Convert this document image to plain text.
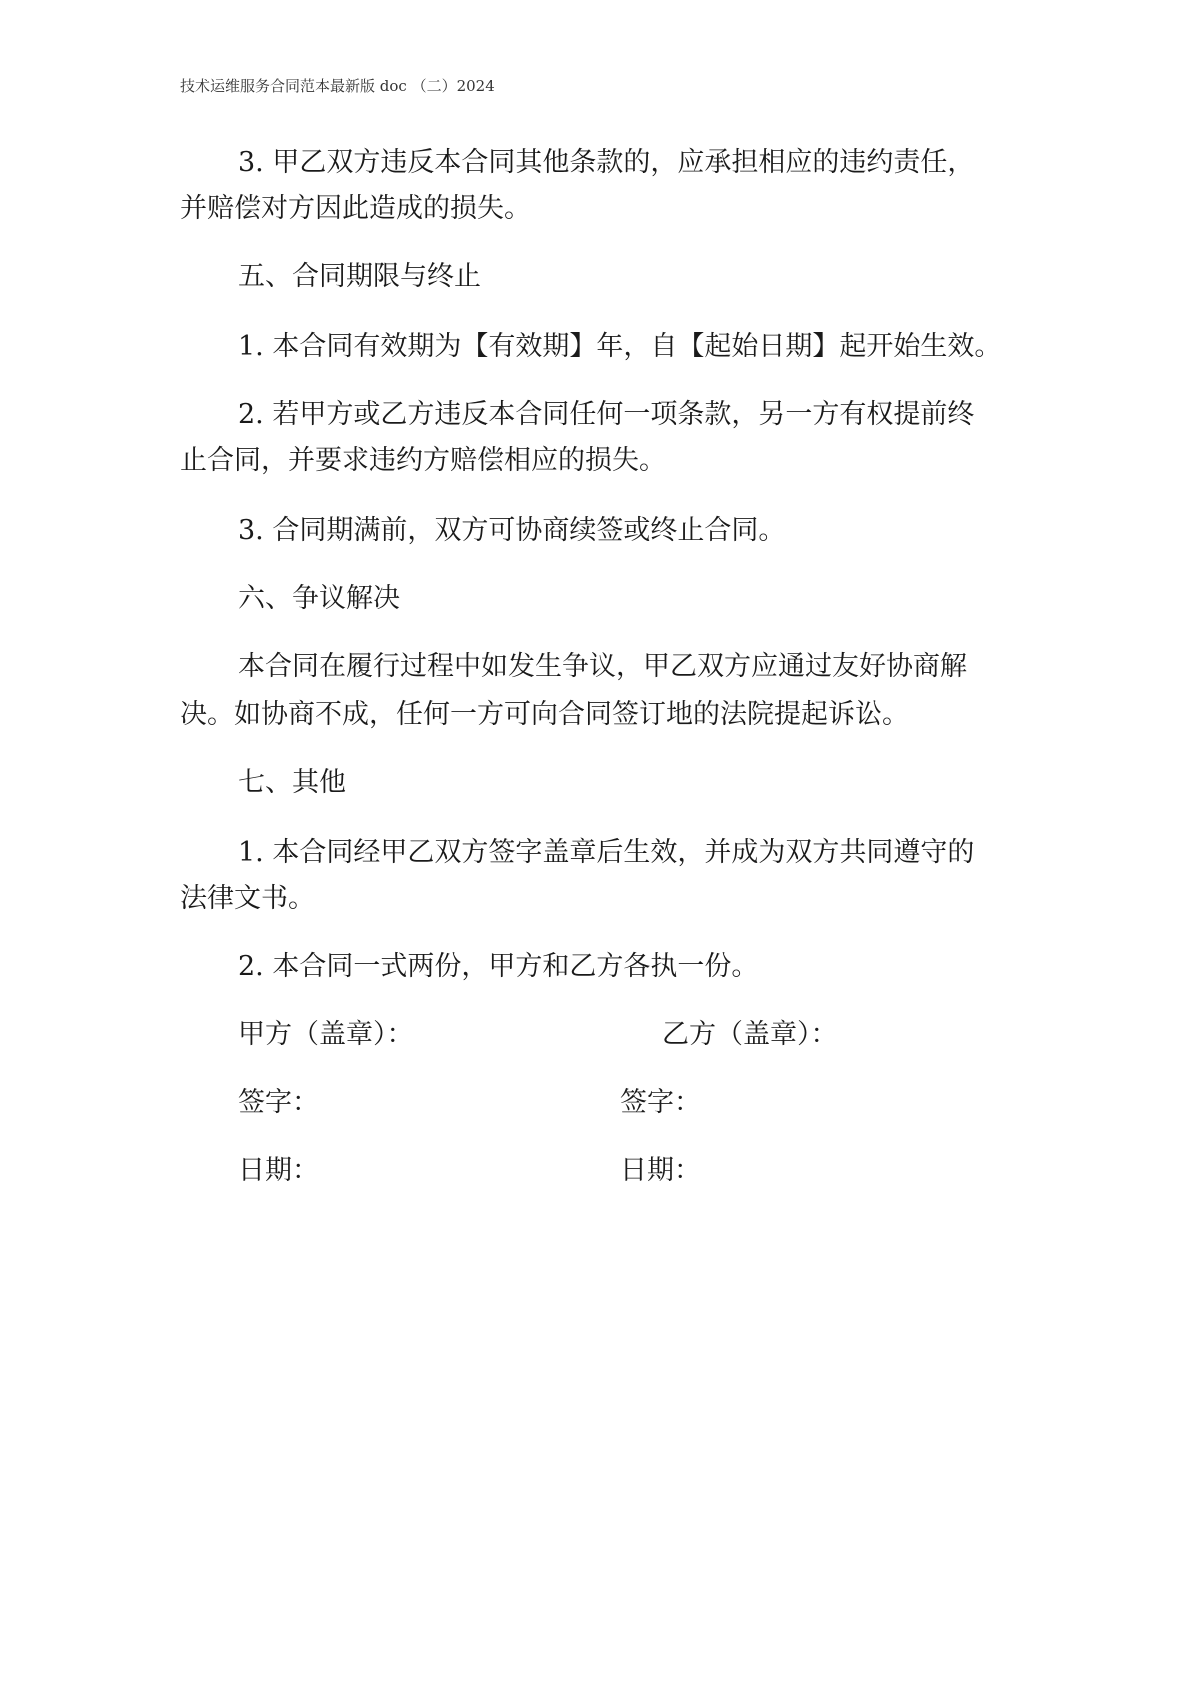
技术运维服务合同范本最新版 doc （二）2024
3. 甲乙双方违反本合同其他条款的，应承担相应的违约责任，
并赔偿对方因此造成的损失。
五、合同期限与终止
1. 本合同有效期为【有效期】年，自【起始日期】起开始生效。
2. 若甲方或乙方违反本合同任何一项条款，另一方有权提前终
止合同，并要求违约方赔偿相应的损失。
3. 合同期满前，双方可协商续签或终止合同。
六、争议解决
本合同在履行过程中如发生争议，甲乙双方应通过友好协商解
决。如协商不成，任何一方可向合同签订地的法院提起诉讼。
七、其他
1. 本合同经甲乙双方签字盖章后生效，并成为双方共同遵守的
法律文书。
2. 本合同一式两份，甲方和乙方各执一份。
甲方（盖章）：	乙方（盖章）：
签字：	签字：
日期：	日期：
